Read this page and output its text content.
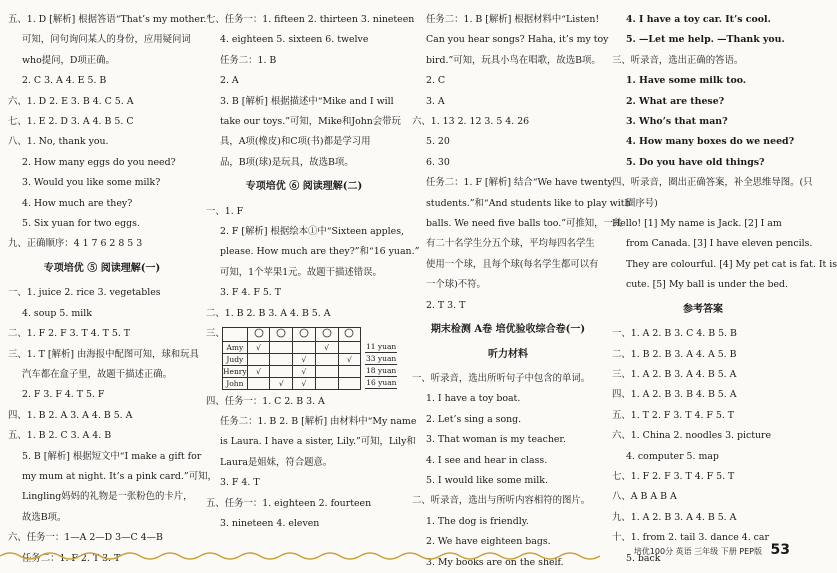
五、1. D [解析] 根据答语“That’s my mother.”
可知，问句询问某人的身份，应用疑问词
who提问，D项正确。
2. C 3. A 4. E 5. B
六、1. D 2. E 3. B 4. C 5. A
七、1. E 2. D 3. A 4. B 5. C
八、1. No, thank you.
2. How many eggs do you need?
3. Would you like some milk?
4. How much are they?
5. Six yuan for two eggs.
九、正确顺序：4 1 7 6 2 8 5 3
专项培优 ⑤ 阅读理解(一)
一、1. juice 2. rice 3. vegetables
4. soup 5. milk
二、1. F 2. F 3. T 4. T 5. T
三、1. T [解析] 由海报中配图可知，球和玩具
汽车都在盒子里，故题干描述正确。
2. F 3. F 4. T 5. F
四、1. B 2. A 3. A 4. B 5. A
五、1. B 2. C 3. A 4. B
5. B [解析] 根据短文中“I make a gift for
my mum at night. It’s a pink card.”可知，
Lingling妈妈的礼物是一张粉色的卡片，
故选B项。
六、任务一：1—A 2—D 3—C 4—B
任务二：1. F 2. T 3. T
七、任务一：1. fifteen 2. thirteen 3. nineteen
4. eighteen 5. sixteen 6. twelve
任务二：1. B
2. A
3. B [解析] 根据描述中“Mike and I will
take our toys.”可知，Mike和John会带玩
具，A项(橡皮)和C项(书)都是学习用
品，B项(球)是玩具，故选B项。
专项培优 ⑥ 阅读理解(二)
一、1. F
2. F [解析] 根据绘本①中“Sixteen apples,
please. How much are they?”和“16 yuan.”
可知，1个苹果1元。故题干描述错误。
3. F 4. F 5. T
二、1. B 2. B 3. A 4. B 5. A
三、

Amy	√			√		11 yuan
Judy			√		√	33 yuan
Henry	√		√			18 yuan
John		√	√			16 yuan
四、任务一：1. C 2. B 3. A
任务二：1. B 2. B [解析] 由材料中“My name
is Laura. I have a sister, Lily.”可知，Lily和
Laura是姐妹，符合题意。
3. F 4. T
五、任务一：1. eighteen 2. fourteen
3. nineteen 4. eleven
任务二：1. B [解析] 根据材料中“Listen!
Can you hear songs? Haha, it’s my toy
bird.”可知，玩具小鸟在唱歌，故选B项。
2. C
3. A
六、1. 13 2. 12 3. 5 4. 26
5. 20
6. 30
任务二：1. F [解析] 结合“We have twenty
students.”和“And students like to play with
balls. We need five balls too.”可推知，一共
有二十名学生分五个球，平均每四名学生
使用一个球，且每个球(每名学生都可以有
一个球)不符。
2. T 3. T
期末检测 A卷 培优验收综合卷(一)
听力材料
一、听录音，选出所听句子中包含的单词。
1. I have a toy boat.
2. Let’s sing a song.
3. That woman is my teacher.
4. I see and hear in class.
5. I would like some milk.
二、听录音，选出与所听内容相符的图片。
1. The dog is friendly.
2. We have eighteen bags.
3. My books are on the shelf.
4. I have a toy car. It’s cool.
5. —Let me help. —Thank you.
三、听录音，选出正确的答语。
1. Have some milk too.
2. What are these?
3. Who’s that man?
4. How many boxes do we need?
5. Do you have old things?
四、听录音，圈出正确答案，补全思维导图。(只
圈序号)
Hello! [1] My name is Jack. [2] I am
from Canada. [3] I have eleven pencils.
They are colourful. [4] My pet cat is fat. It is
cute. [5] My ball is under the bed.
参考答案
一、1. A 2. B 3. C 4. B 5. B
二、1. B 2. B 3. A 4. A 5. B
三、1. A 2. B 3. A 4. B 5. A
四、1. A 2. B 3. B 4. B 5. A
五、1. T 2. F 3. T 4. F 5. T
六、1. China 2. noodles 3. picture
4. computer 5. map
七、1. F 2. F 3. T 4. F 5. T
八、A B A B A
九、1. A 2. B 3. A 4. B 5. A
十、1. from 2. tail 3. dance 4. car
5. back
培优100分 英语 三年级 下册 PEP版 53
